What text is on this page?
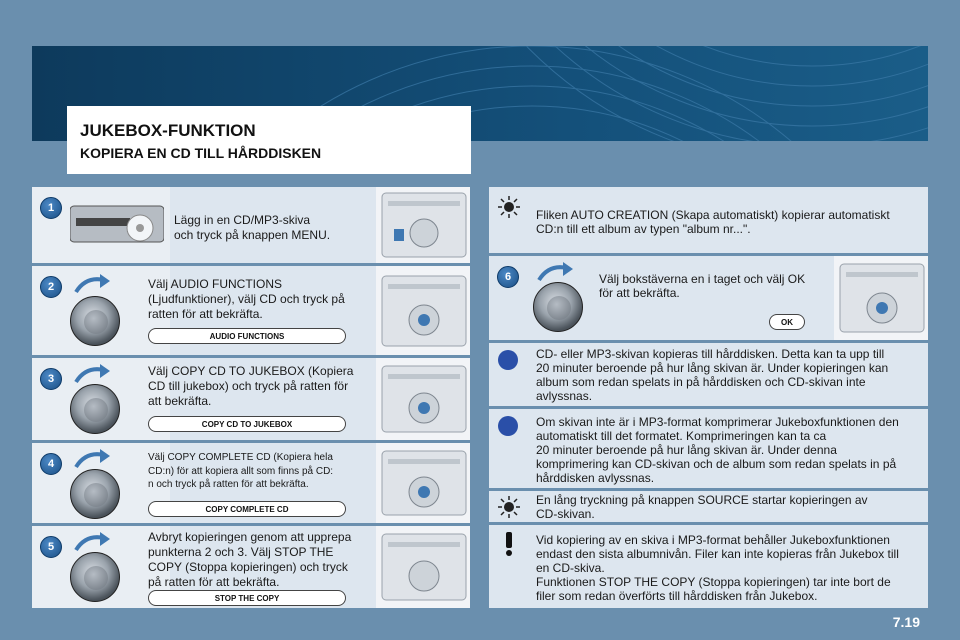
JUKEBOX-FUNKTION
KOPIERA EN CD TILL HÅRDDISKEN
1
Lägg in en CD/MP3-skiva
och tryck på knappen MENU.
2	Välj AUDIO FUNCTIONS
(Ljudfunktioner), välj CD och tryck på
ratten för att bekräfta.
AUDIO FUNCTIONS
3
Välj COPY CD TO JUKEBOX (Kopiera
CD till jukebox) och tryck på ratten för
att bekräfta.
COPY CD TO JUKEBOX
4
Välj COPY COMPLETE CD (Kopiera hela
CD:n) för att kopiera allt som finns på CD:
n och tryck på ratten för att bekräfta.
COPY COMPLETE CD
5
Avbryt kopieringen genom att upprepa
punkterna 2 och 3. Välj STOP THE
COPY (Stoppa kopieringen) och tryck
på ratten för att bekräfta.
STOP THE COPY
Fliken AUTO CREATION (Skapa automatiskt) kopierar automatiskt
CD:n till ett album av typen "album nr...".
6	Välj bokstäverna en i taget och välj OK
för att bekräfta.
OK
CD- eller MP3-skivan kopieras till hårddisken. Detta kan ta upp till
20 minuter beroende på hur lång skivan är. Under kopieringen kan
album som redan spelats in på hårddisken och CD-skivan inte
avlyssnas.
Om skivan inte är i MP3-format komprimerar Jukeboxfunktionen den
automatiskt till det formatet. Komprimeringen kan ta ca
20 minuter beroende på hur lång skivan är. Under denna
komprimering kan CD-skivan och de album som redan spelats in på
hårddisken avlyssnas.
En lång tryckning på knappen SOURCE startar kopieringen av
CD-skivan.
Vid kopiering av en skiva i MP3-format behåller Jukeboxfunktionen
endast den sista albumnivån. Filer kan inte kopieras från Jukebox till
en CD-skiva.
Funktionen STOP THE COPY (Stoppa kopieringen) tar inte bort de
filer som redan överförts till hårddisken från Jukebox.
7.19
